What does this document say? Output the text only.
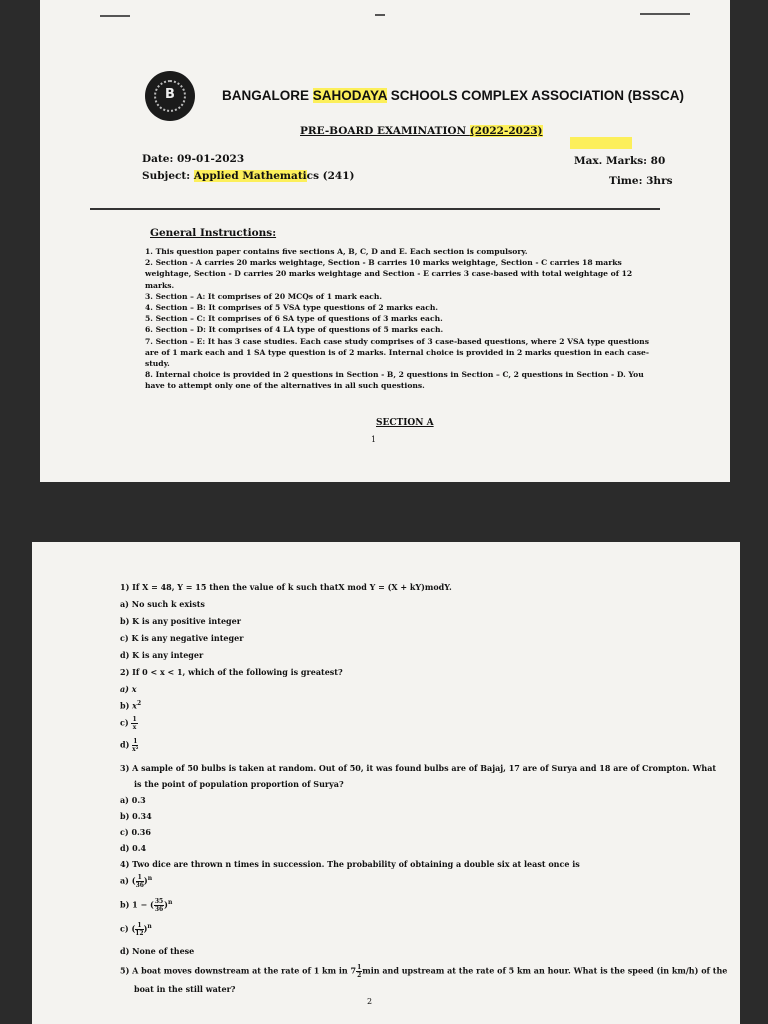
B	BANGALORE SAHODAYA SCHOOLS COMPLEX ASSOCIATION (BSSCA)
PRE-BOARD EXAMINATION (2022-2023)
Date: 09-01-2023
Subject: Applied Mathematics (241)
Max. Marks: 80
Time: 3hrs
General Instructions:
1. This question paper contains five sections A, B, C, D and E. Each section is compulsory.
2. Section - A carries 20 marks weightage, Section - B carries 10 marks weightage, Section - C carries 18 marks weightage, Section - D carries 20 marks weightage and Section - E carries 3 case-based with total weightage of 12 marks.
3. Section – A: It comprises of 20 MCQs of 1 mark each.
4. Section – B: It comprises of 5 VSA type questions of 2 marks each.
5. Section – C: It comprises of 6 SA type of questions of 3 marks each.
6. Section – D: It comprises of 4 LA type of questions of 5 marks each.
7. Section – E: It has 3 case studies. Each case study comprises of 3 case-based questions, where 2 VSA type questions are of 1 mark each and 1 SA type question is of 2 marks. Internal choice is provided in 2 marks question in each case-study.
8. Internal choice is provided in 2 questions in Section - B, 2 questions in Section – C, 2 questions in Section - D. You have to attempt only one of the alternatives in all such questions.
SECTION A
1
1) If X = 48, Y = 15 then the value of k such thatX mod Y = (X + kY)modY.
a) No such k exists
b) K is any positive integer
c) K is any negative integer
d) K is any integer
2) If 0 < x < 1, which of the following is greatest?
a) x
b) $x^2$
$c) \frac{1}{x}$
$d) \frac{1}{\text{x²}}$
3) A sample of 50 bulbs is taken at random. Out of 50, it was found bulbs are of Bajaj, 17 are of Surya and 18 are of Crompton. What
is the point of population proportion of Surya?
a) 0.3
b) 0.34
c) 0.36
d) 0.4
4) Two dice are thrown n times in succession. The probability of obtaining a double six at least once is
a) ( $\frac{1}{36} )^n$
b) 1 − ( $\frac{35}{36} )^n$
c) ( $\frac{1}{12} )^n$
d) None of these
5) A boat moves downstream at the rate of 1 km in $7 \frac{1}{2}$ min and upstream at the rate of 5 km an hour. What is the speed (in km/h) of the
boat in the still water?
2
